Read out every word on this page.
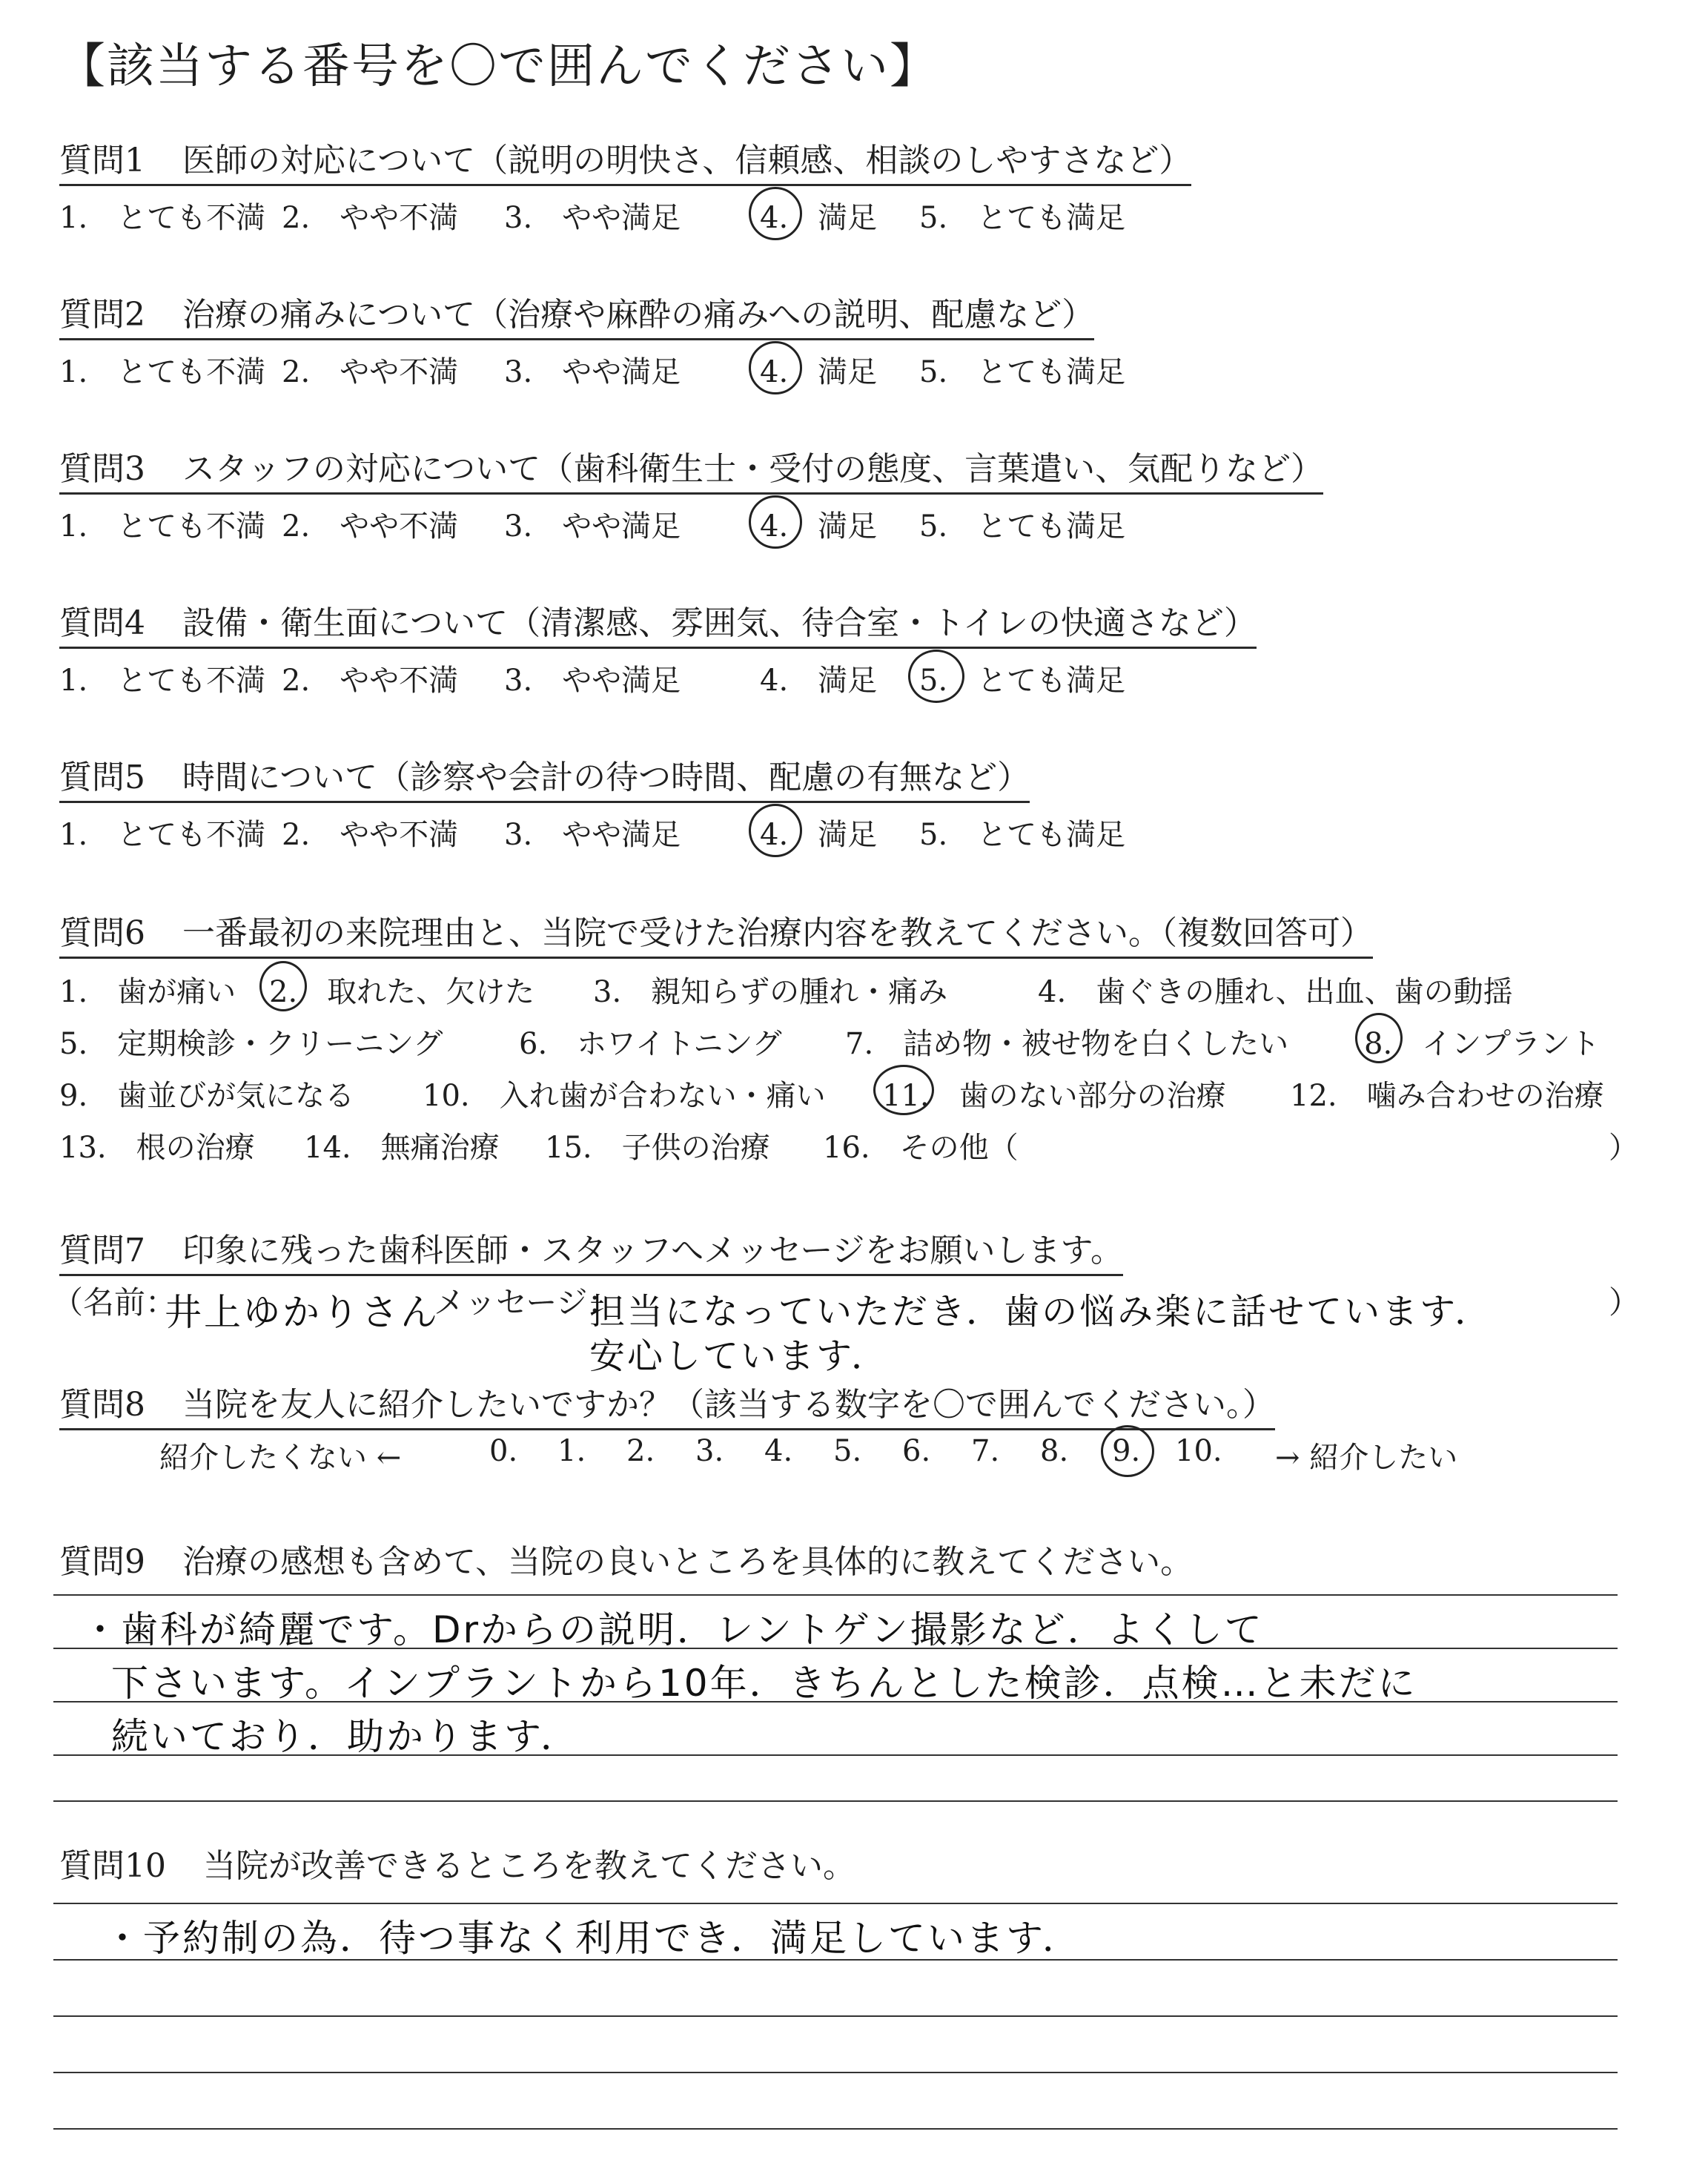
【該当する番号を〇で囲んでください】
質問1 医師の対応について（説明の明快さ、信頼感、相談のしやすさなど）
1.　とても不満 2.　やや不満 3.　やや満足	4.　満足 5.　とても満足
質問2 治療の痛みについて（治療や麻酔の痛みへの説明、配慮など）
1.　とても不満 2.　やや不満 3.　やや満足	4.　満足 5.　とても満足
質問3 スタッフの対応について（歯科衛生士・受付の態度、言葉遣い、気配りなど）
1.　とても不満 2.　やや不満 3.　やや満足	4.　満足 5.　とても満足
質問4 設備・衛生面について（清潔感、雰囲気、待合室・トイレの快適さなど）
1.　とても不満 2.　やや不満 3.　やや満足	4.　満足 5.　とても満足
質問5 時間について（診察や会計の待つ時間、配慮の有無など）
1.　とても不満 2.　やや不満 3.　やや満足	4.　満足 5.　とても満足
質問6 一番最初の来院理由と、当院で受けた治療内容を教えてください。（複数回答可）
1.　歯が痛い 2.　取れた、欠けた 3.　親知らずの腫れ・痛み	4.　歯ぐきの腫れ、出血、歯の動揺
5.　定期検診・クリーニング	6.　ホワイトニング 7.　詰め物・被せ物を白くしたい	8.　インプラント
9.　歯並びが気になる 10.　入れ歯が合わない・痛い 11.　歯のない部分の治療 12.　噛み合わせの治療
13.　根の治療 14.　無痛治療 15.　子供の治療 16.　その他（	）
質問7 印象に残った歯科医師・スタッフへメッセージをお願いします。
（名前：
井上ゆかりさん
メッセージ：
担当になっていただき．歯の悩み楽に話せています．
安心しています．
）
質問8 当院を友人に紹介したいですか？（該当する数字を〇で囲んでください。）
紹介したくない ←	→ 紹介したい
0. 1. 2. 3. 4. 5. 6. 7. 8. 9. 10.
質問9 治療の感想も含めて、当院の良いところを具体的に教えてください。
・歯科が綺麗です。Drからの説明．レントゲン撮影など．よくして
下さいます。インプラントから10年．きちんとした検診．点検…と未だに
続いており．助かります．
質問10 当院が改善できるところを教えてください。
・予約制の為．待つ事なく利用でき．満足しています．
